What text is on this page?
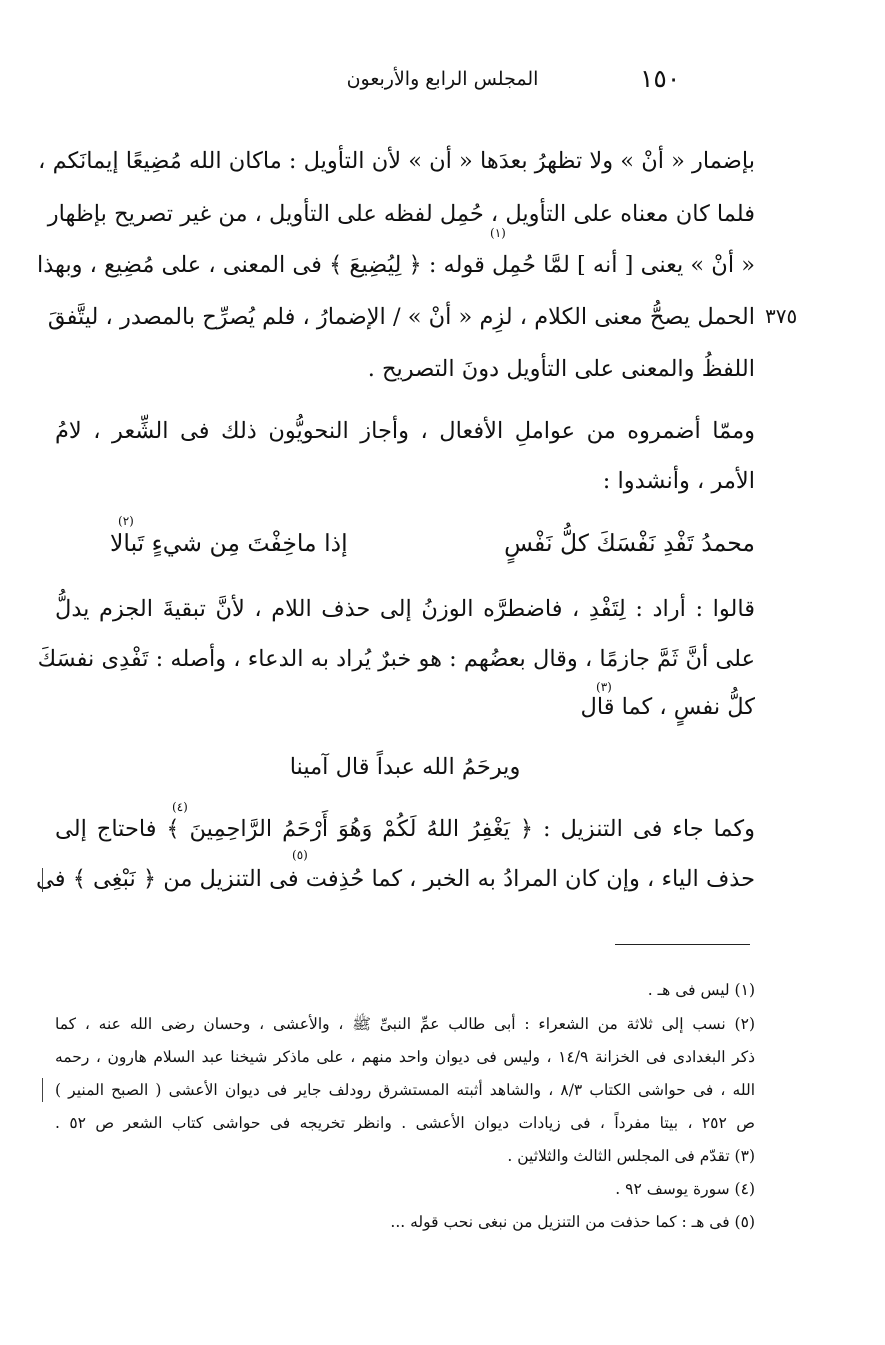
المجلس الرابع والأربعون	١٥٠
بإضمار « أنْ » ولا تظهرُ بعدَها « أن » لأن التأويل : ماكان الله مُضِيعًا إيمانَكم ،
فلما كان معناه على التأويل ، حُمِل لفظه على التأويل ، من غير تصريح بإظهار
« أنْ » يعنى [ أنه ] لمَّا حُمِل قوله : ﴿ لِيُضِيعَ ﴾ فى المعنى ، على مُضِيع ، وبهذا
(١)
الحمل يصحُّ معنى الكلام ، لزِم « أنْ » / الإضمارُ ، فلم يُصرِّح بالمصدر ، ليتَّفقَ ٣٧٥
اللفظُ والمعنى على التأويل دونَ التصريح .
وممّا أضمروه من عواملِ الأفعال ، وأجاز النحويُّون ذلك فى الشِّعر ، لامُ
الأمر ، وأنشدوا :
محمدُ تَفْدِ نَفْسَكَ كلُّ نَفْسٍ
إذا ماخِفْتَ مِن شيءٍ تَبالا
(٢)
قالوا : أراد : لِتَفْدِ ، فاضطرَّه الوزنُ إلى حذف اللام ، لأنَّ تبقيةَ الجزم يدلُّ
على أنَّ ثَمَّ جازمًا ، وقال بعضُهم : هو خبرٌ يُراد به الدعاء ، وأصله : تَفْدِى نفسَكَ
كلُّ نفسٍ ، كما قال
(٣)
ويرحَمُ الله عبداً قال آمينا
وكما جاء فى التنزيل : ﴿ يَغْفِرُ اللهُ لَكُمْ وَهُوَ أَرْحَمُ الرَّاحِمِينَ ﴾ فاحتاج إلى
(٤)
حذف الياء ، وإن كان المرادُ به الخبر ، كما حُذِفت فى التنزيل من ﴿ نَبْغِى ﴾ فى
(٥)
(١) ليس فى هـ .
(٢) نسب إلى ثلاثة من الشعراء : أبى طالب عمِّ النبىِّ ﷺ ، والأعشى ، وحسان رضى الله عنه ، كما
ذكر البغدادى فى الخزانة ١٤/٩ ، وليس فى ديوان واحد منهم ، على ماذكر شيخنا عبد السلام هارون ، رحمه
الله ، فى حواشى الكتاب ٨/٣ ، والشاهد أثبته المستشرق رودلف جاير فى ديوان الأعشى ( الصبح المنير )
ص ٢٥٢ ، بيتا مفرداً ، فى زيادات ديوان الأعشى . وانظر تخريجه فى حواشى كتاب الشعر ص ٥٢ .
(٣) تقدّم فى المجلس الثالث والثلاثين .
(٤) سورة يوسف ٩٢ .
(٥) فى هـ : كما حذفت من التنزيل من نبغى نحب قوله ...
